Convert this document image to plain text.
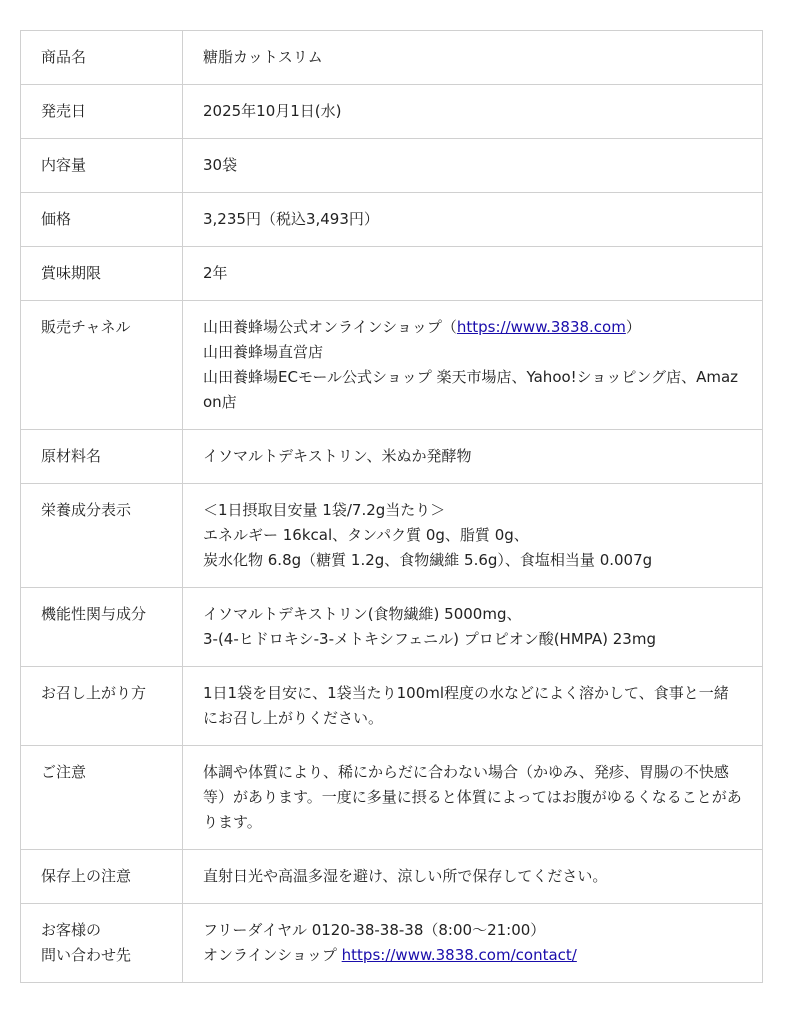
商品名	糖脂カットスリム

発売日	2025年10月1日(水)

内容量	30袋

価格	3,235円（税込3,493円）

賞味期限	2年

販売チャネル	山田養蜂場公式オンラインショップ（https://www.3838.com）
山田養蜂場直営店
山田養蜂場ECモール公式ショップ 楽天市場店、Yahoo!ショッピング店、Amazon店

原材料名	イソマルトデキストリン、米ぬか発酵物

栄養成分表示	＜1日摂取目安量 1袋/7.2g当たり＞
エネルギー 16kcal、タンパク質 0g、脂質 0g、
炭水化物 6.8g（糖質 1.2g、食物繊維 5.6g）、食塩相当量 0.007g

機能性関与成分	イソマルトデキストリン(食物繊維) 5000mg、
3-(4-ヒドロキシ-3-メトキシフェニル) プロピオン酸(HMPA) 23mg

お召し上がり方	1日1袋を目安に、1袋当たり100ml程度の水などによく溶かして、食事と一緒にお召し上がりください。

ご注意	体調や体質により、稀にからだに合わない場合（かゆみ、発疹、胃腸の不快感等）があります。一度に多量に摂ると体質によってはお腹がゆるくなることがあります。

保存上の注意	直射日光や高温多湿を避け、涼しい所で保存してください。

お客様の
問い合わせ先	フリーダイヤル 0120-38-38-38（8:00～21:00）
オンラインショップ https://www.3838.com/contact/
